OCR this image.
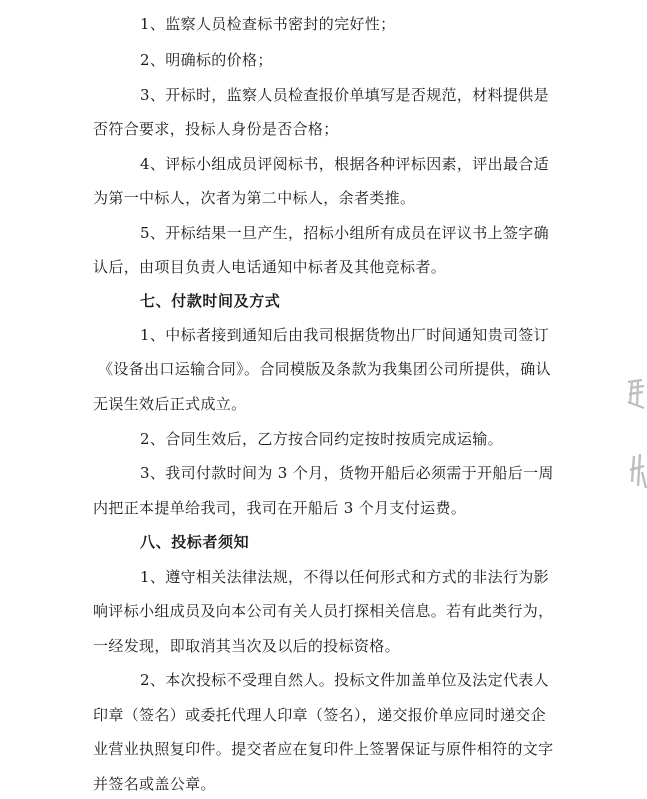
1、监察人员检查标书密封的完好性；
2、明确标的价格；
3、开标时，监察人员检查报价单填写是否规范，材料提供是
否符合要求，投标人身份是否合格；
4、评标小组成员评阅标书，根据各种评标因素，评出最合适
为第一中标人，次者为第二中标人，余者类推。
5、开标结果一旦产生，招标小组所有成员在评议书上签字确
认后，由项目负责人电话通知中标者及其他竞标者。
七、付款时间及方式
1、中标者接到通知后由我司根据货物出厂时间通知贵司签订
《设备出口运输合同》。合同模版及条款为我集团公司所提供，确认
无误生效后正式成立。
2、合同生效后，乙方按合同约定按时按质完成运输。
3、我司付款时间为 3 个月，货物开船后必须需于开船后一周
内把正本提单给我司，我司在开船后 3 个月支付运费。
八、投标者须知
1、遵守相关法律法规，不得以任何形式和方式的非法行为影
响评标小组成员及向本公司有关人员打探相关信息。若有此类行为，
一经发现，即取消其当次及以后的投标资格。
2、本次投标不受理自然人。投标文件加盖单位及法定代表人
印章（签名）或委托代理人印章（签名），递交报价单应同时递交企
业营业执照复印件。提交者应在复印件上签署保证与原件相符的文字
并签名或盖公章。
